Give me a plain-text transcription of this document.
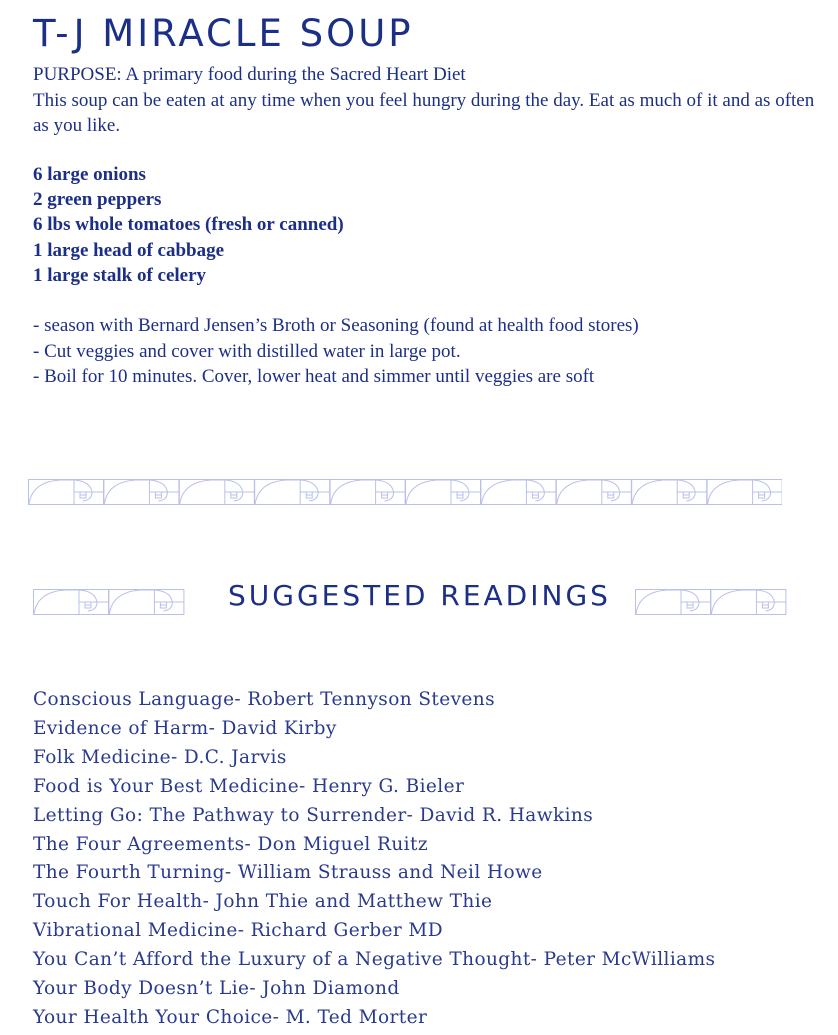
T-J MIRACLE SOUP

PURPOSE: A primary food during the Sacred Heart Diet

This soup can be eaten at any time when you feel hungry during the day. Eat as much of it and as often as you like.

6 large onions
2 green peppers
6 lbs whole tomatoes (fresh or canned)
1 large head of cabbage
1 large stalk of celery
- season with Bernard Jensen’s Broth or Seasoning (found at health food stores)
- Cut veggies and cover with distilled water in large pot.
- Boil for 10 minutes. Cover, lower heat and simmer until veggies are soft
SUGGESTED READINGS
Conscious Language- Robert Tennyson Stevens
Evidence of Harm- David Kirby
Folk Medicine- D.C. Jarvis
Food is Your Best Medicine- Henry G. Bieler
Letting Go: The Pathway to Surrender- David R. Hawkins
The Four Agreements- Don Miguel Ruitz
The Fourth Turning- William Strauss and Neil Howe
Touch For Health- John Thie and Matthew Thie
Vibrational Medicine- Richard Gerber MD
You Can’t Afford the Luxury of a Negative Thought- Peter McWilliams
Your Body Doesn’t Lie- John Diamond
Your Health Your Choice- M. Ted Morter
